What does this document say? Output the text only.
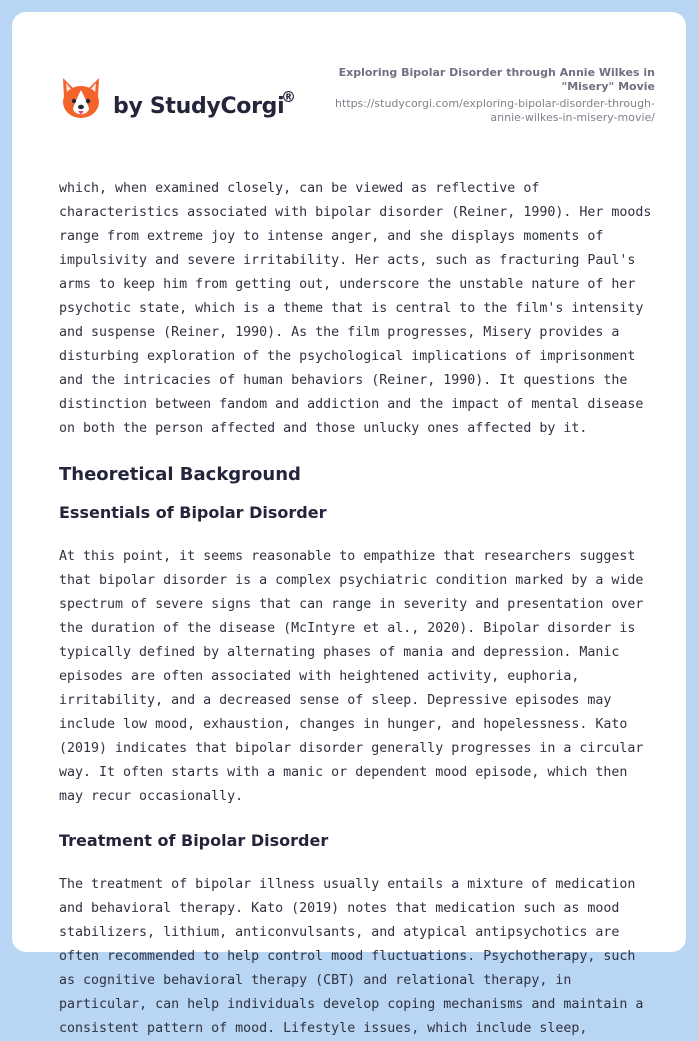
by StudyCorgi
®
Exploring Bipolar Disorder through Annie Wilkes in "Misery" Movie
https://studycorgi.com/exploring-bipolar-disorder-through-annie-wilkes-in-misery-movie/

which, when examined closely, can be viewed as reflective of characteristics associated with bipolar disorder (Reiner, 1990). Her moods range from extreme joy to intense anger, and she displays moments of impulsivity and severe irritability. Her acts, such as fracturing Paul's arms to keep him from getting out, underscore the unstable nature of her psychotic state, which is a theme that is central to the film's intensity and suspense (Reiner, 1990). As the film progresses, Misery provides a disturbing exploration of the psychological implications of imprisonment and the intricacies of human behaviors (Reiner, 1990). It questions the distinction between fandom and addiction and the impact of mental disease on both the person affected and those unlucky ones affected by it.

Theoretical Background
Essentials of Bipolar Disorder

At this point, it seems reasonable to empathize that researchers suggest that bipolar disorder is a complex psychiatric condition marked by a wide spectrum of severe signs that can range in severity and presentation over the duration of the disease (McIntyre et al., 2020). Bipolar disorder is typically defined by alternating phases of mania and depression. Manic episodes are often associated with heightened activity, euphoria, irritability, and a decreased sense of sleep. Depressive episodes may include low mood, exhaustion, changes in hunger, and hopelessness. Kato (2019) indicates that bipolar disorder generally progresses in a circular way. It often starts with a manic or dependent mood episode, which then may recur occasionally.

Treatment of Bipolar Disorder

The treatment of bipolar illness usually entails a mixture of medication and behavioral therapy. Kato (2019) notes that medication such as mood stabilizers, lithium, anticonvulsants, and atypical antipsychotics are often recommended to help control mood fluctuations. Psychotherapy, such as cognitive behavioral therapy (CBT) and relational therapy, in particular, can help individuals develop coping mechanisms and maintain a consistent pattern of mood. Lifestyle issues, which include sleep,
